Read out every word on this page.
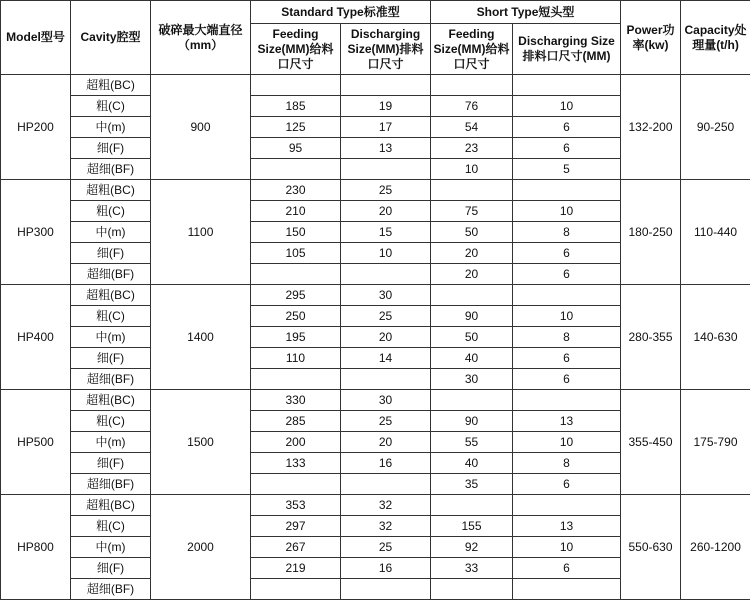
Model型号	Cavity腔型	破碎最大端直径（mm）	Standard Type标准型		Short Type短头型		Power功率(kw)	Capacity处理量(t/h)
			Feeding Size(MM)给料口尺寸	Discharging Size(MM)排料口尺寸	Feeding Size(MM)给料口尺寸	Discharging Size排料口尺寸(MM)		
HP200	超粗(BC)	900					132-200	90-250
	粗(C)		185	19	76	10		
	中(m)		125	17	54	6		
	细(F)		95	13	23	6		
	超细(BF)				10	5		
HP300	超粗(BC)	1100	230	25			180-250	110-440
	粗(C)		210	20	75	10		
	中(m)		150	15	50	8		
	细(F)		105	10	20	6		
	超细(BF)				20	6		
HP400	超粗(BC)	1400	295	30			280-355	140-630
	粗(C)		250	25	90	10		
	中(m)		195	20	50	8		
	细(F)		110	14	40	6		
	超细(BF)				30	6		
HP500	超粗(BC)	1500	330	30			355-450	175-790
	粗(C)		285	25	90	13		
	中(m)		200	20	55	10		
	细(F)		133	16	40	8		
	超细(BF)				35	6		
HP800	超粗(BC)	2000	353	32			550-630	260-1200
	粗(C)		297	32	155	13		
	中(m)		267	25	92	10		
	细(F)		219	16	33	6		
	超细(BF)							
